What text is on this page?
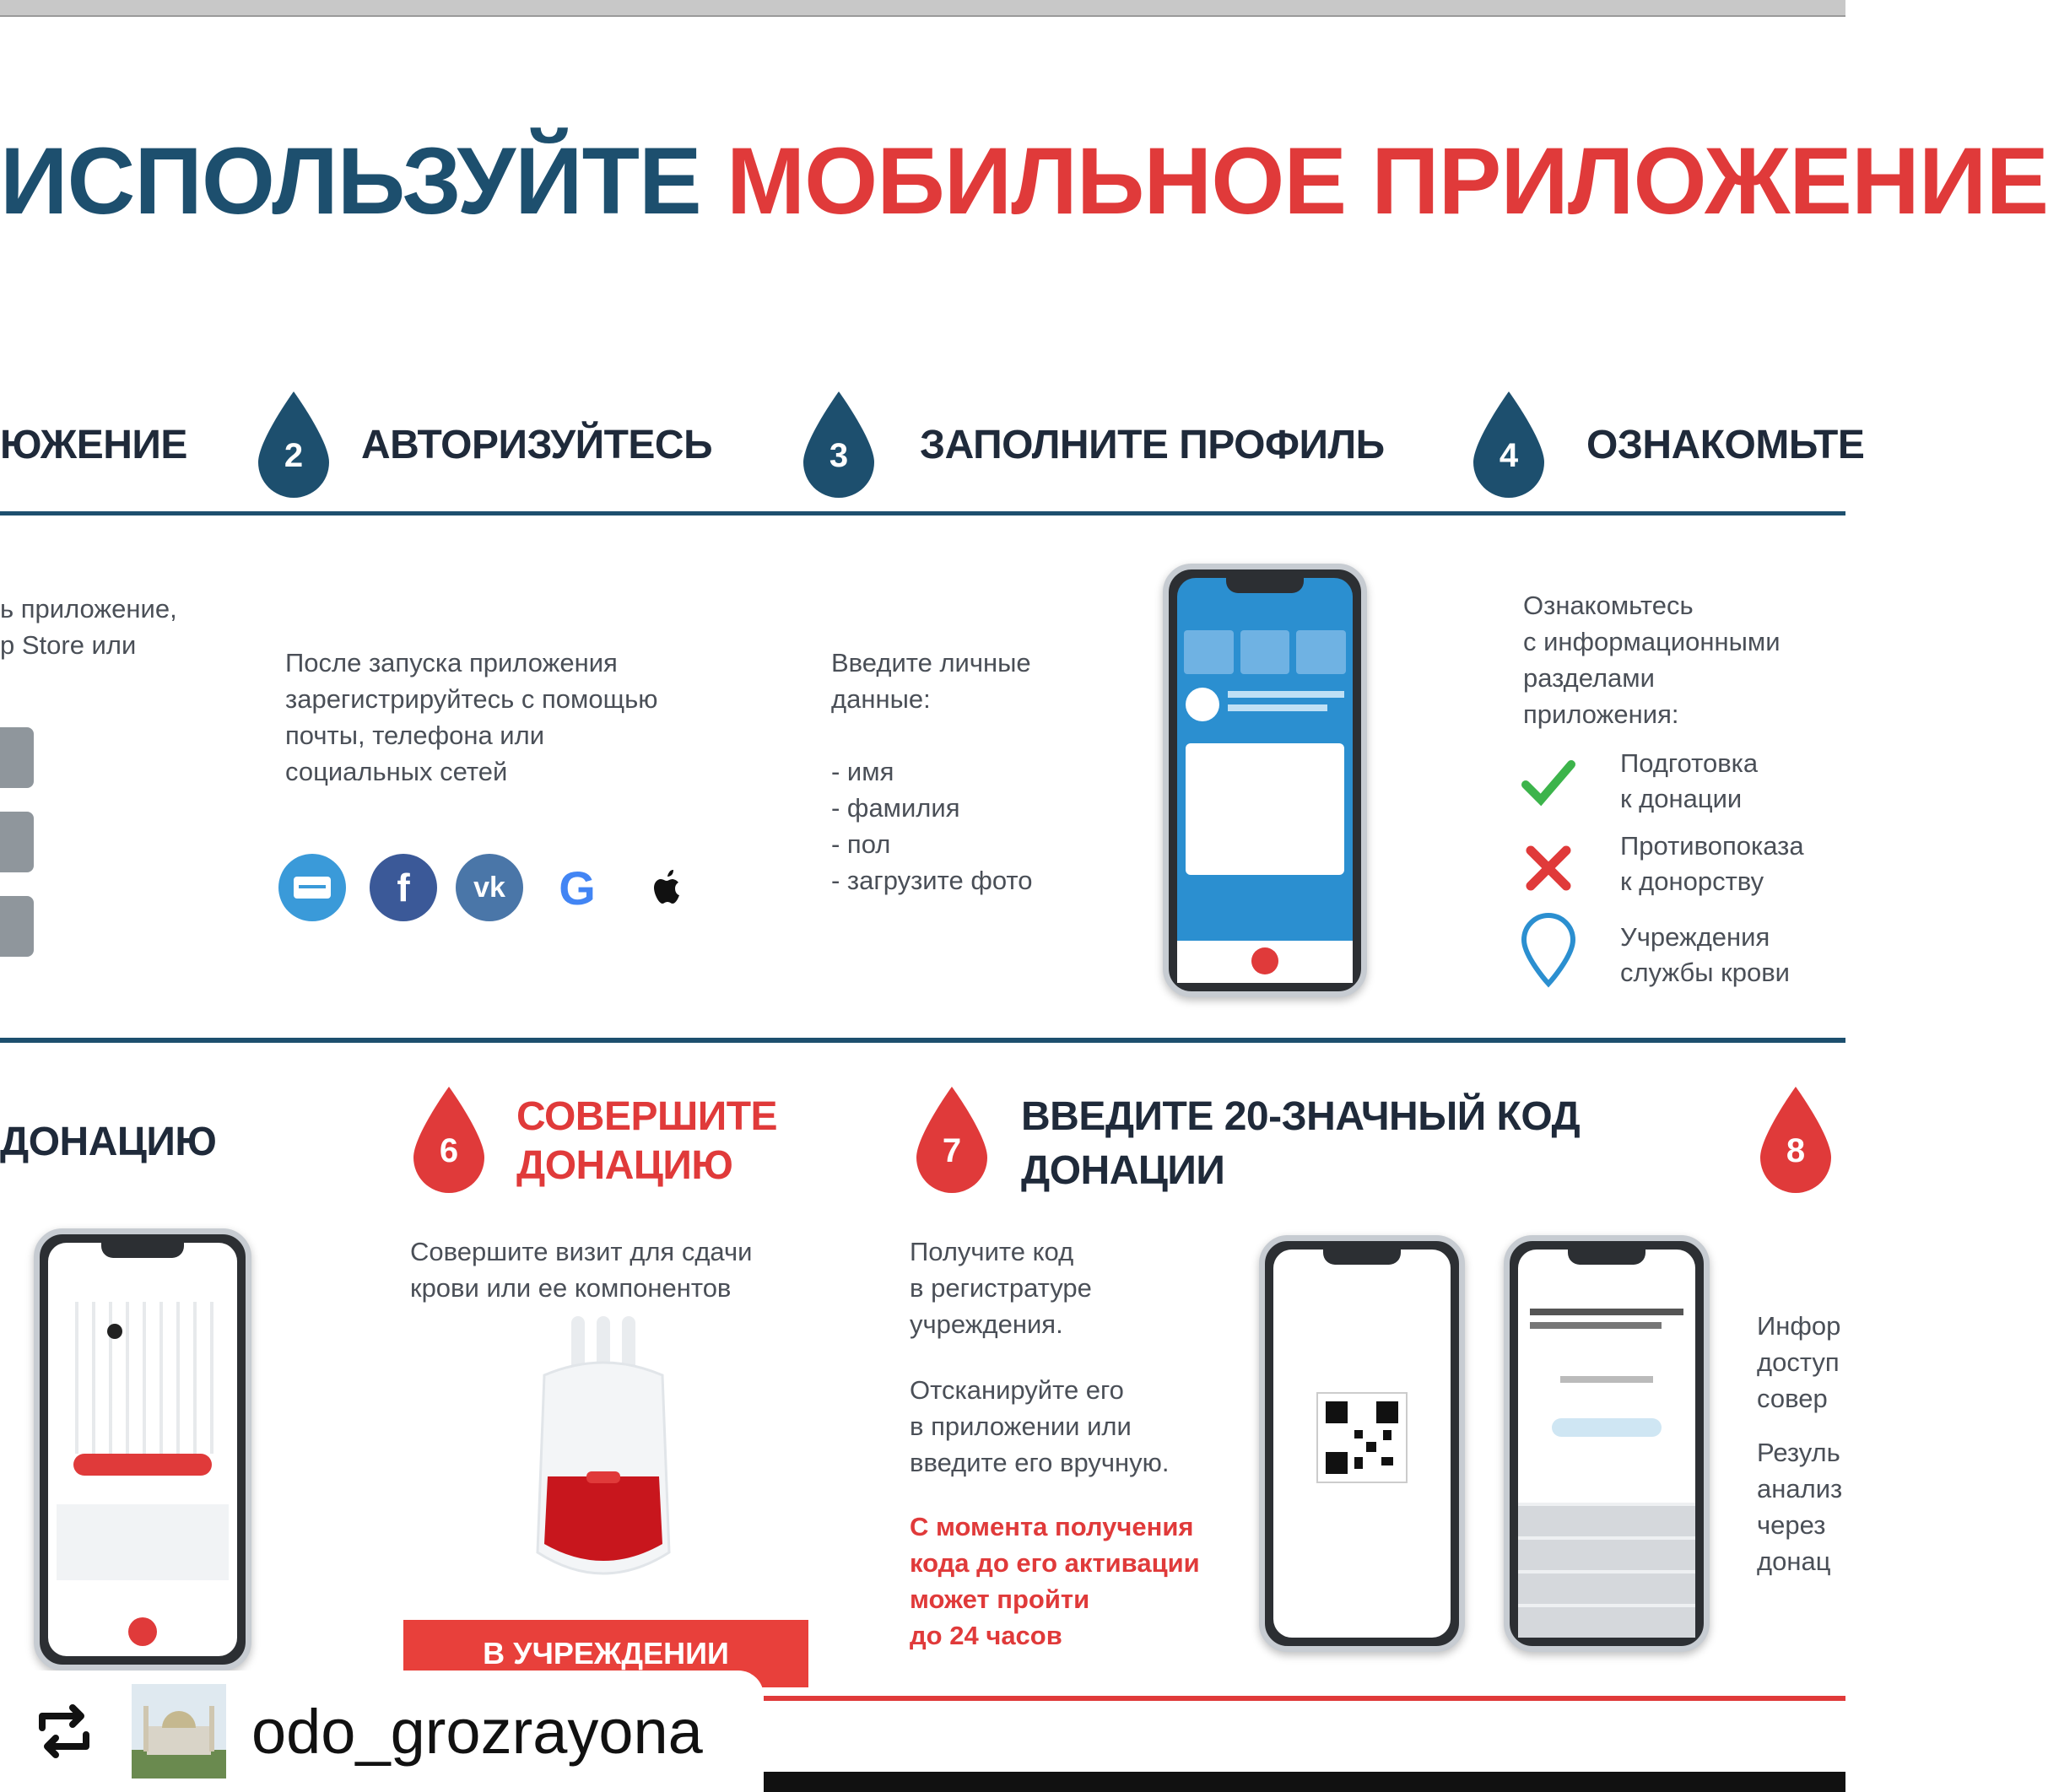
ИСПОЛЬЗУЙТЕ МОБИЛЬНОЕ ПРИЛОЖЕНИЕ
ЮЖЕНИЕ	2	АВТОРИЗУЙТЕСЬ	3	ЗАПОЛНИТЕ ПРОФИЛЬ	4	ОЗНАКОМЬТЕ
ь приложение,
p Store или
После запуска приложения
зарегистрируйтесь с помощью
почты, телефона или
социальных сетей
f	vk	G
Введите личные
данные:

- имя
- фамилия
- пол
- загрузите фото
Ознакомьтесь
с информационными
разделами
приложения:
Подготовка
к донации
Противопоказа
к донорству
Учреждения
службы крови
ДОНАЦИЮ	6
СОВЕРШИТЕ
ДОНАЦИЮ	7
ВВЕДИТЕ 20-ЗНАЧНЫЙ КОД
ДОНАЦИИ	8
Совершите визит для сдачи
крови или ее компонентов
В УЧРЕЖДЕНИИ
Получите код
в регистратуре
учреждения.
Отсканируйте его
в приложении или
введите его вручную.
С момента получения
кода до его активации
может пройти
до 24 часов
Инфор
доступ
совер
Резуль
анализ
через
донац
odo_grozrayona
